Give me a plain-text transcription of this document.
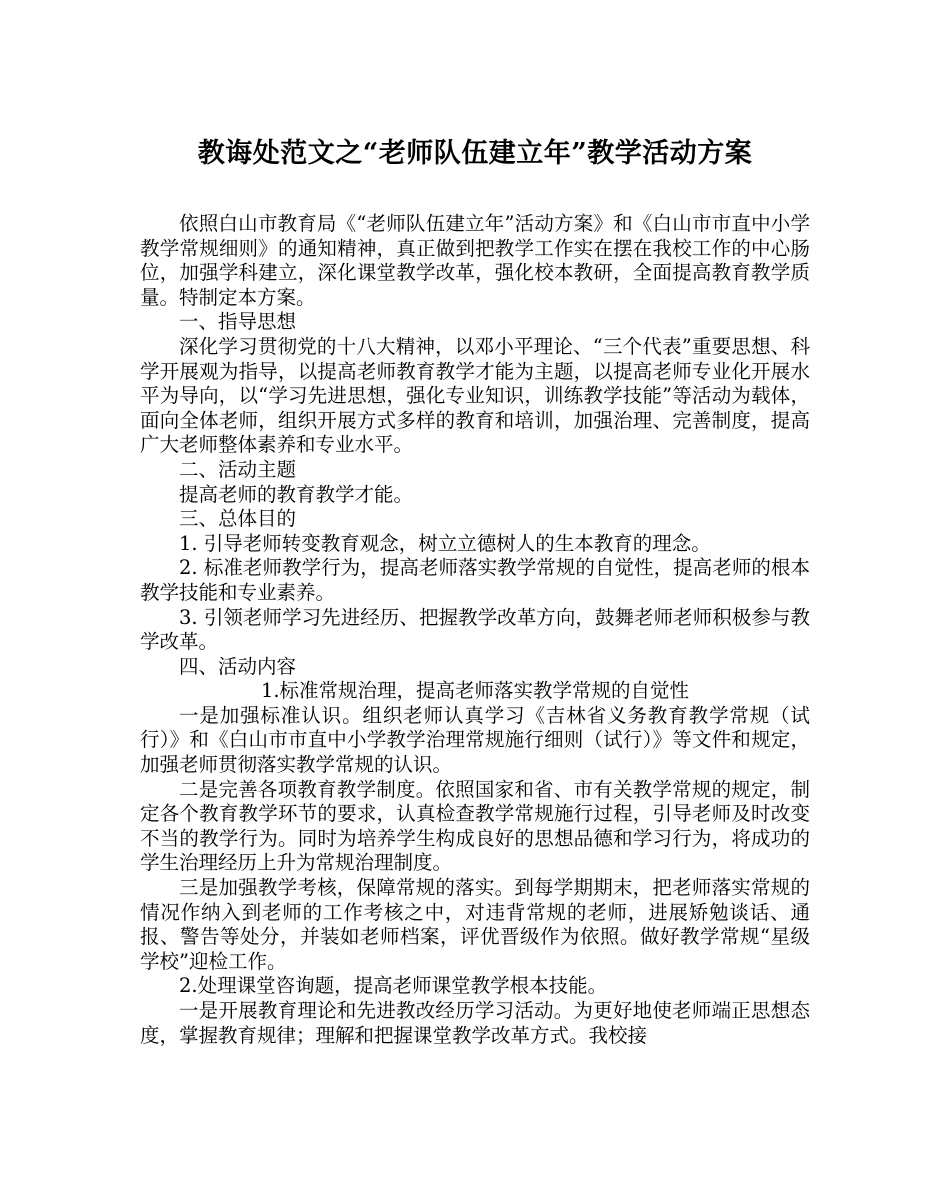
教诲处范文之“老师队伍建立年”教学活动方案

依照白山市教育局《“老师队伍建立年”活动方案》和《白山市市直中小学教学常规细则》的通知精神，真正做到把教学工作实在摆在我校工作的中心肠位，加强学科建立，深化课堂教学改革，强化校本教研，全面提高教育教学质量。特制定本方案。

一、指导思想

深化学习贯彻党的十八大精神，以邓小平理论、“三个代表”重要思想、科学开展观为指导，以提高老师教育教学才能为主题，以提高老师专业化开展水平为导向，以“学习先进思想，强化专业知识，训练教学技能”等活动为载体，面向全体老师，组织开展方式多样的教育和培训，加强治理、完善制度，提高广大老师整体素养和专业水平。

二、活动主题

提高老师的教育教学才能。

三、总体目的

1. 引导老师转变教育观念，树立立德树人的生本教育的理念。

2. 标准老师教学行为，提高老师落实教学常规的自觉性，提高老师的根本教学技能和专业素养。

3. 引领老师学习先进经历、把握教学改革方向，鼓舞老师老师积极参与教学改革。

四、活动内容

1.标准常规治理，提高老师落实教学常规的自觉性

一是加强标准认识。组织老师认真学习《吉林省义务教育教学常规（试行）》和《白山市市直中小学教学治理常规施行细则（试行）》等文件和规定，加强老师贯彻落实教学常规的认识。

二是完善各项教育教学制度。依照国家和省、市有关教学常规的规定，制定各个教育教学环节的要求，认真检查教学常规施行过程，引导老师及时改变不当的教学行为。同时为培养学生构成良好的思想品德和学习行为，将成功的学生治理经历上升为常规治理制度。

三是加强教学考核，保障常规的落实。到每学期期末，把老师落实常规的情况作纳入到老师的工作考核之中，对违背常规的老师，进展矫勉谈话、通报、警告等处分，并装如老师档案，评优晋级作为依照。做好教学常规“星级学校”迎检工作。

2.处理课堂咨询题，提高老师课堂教学根本技能。

一是开展教育理论和先进教改经历学习活动。为更好地使老师端正思想态度，掌握教育规律；理解和把握课堂教学改革方式。我校接
